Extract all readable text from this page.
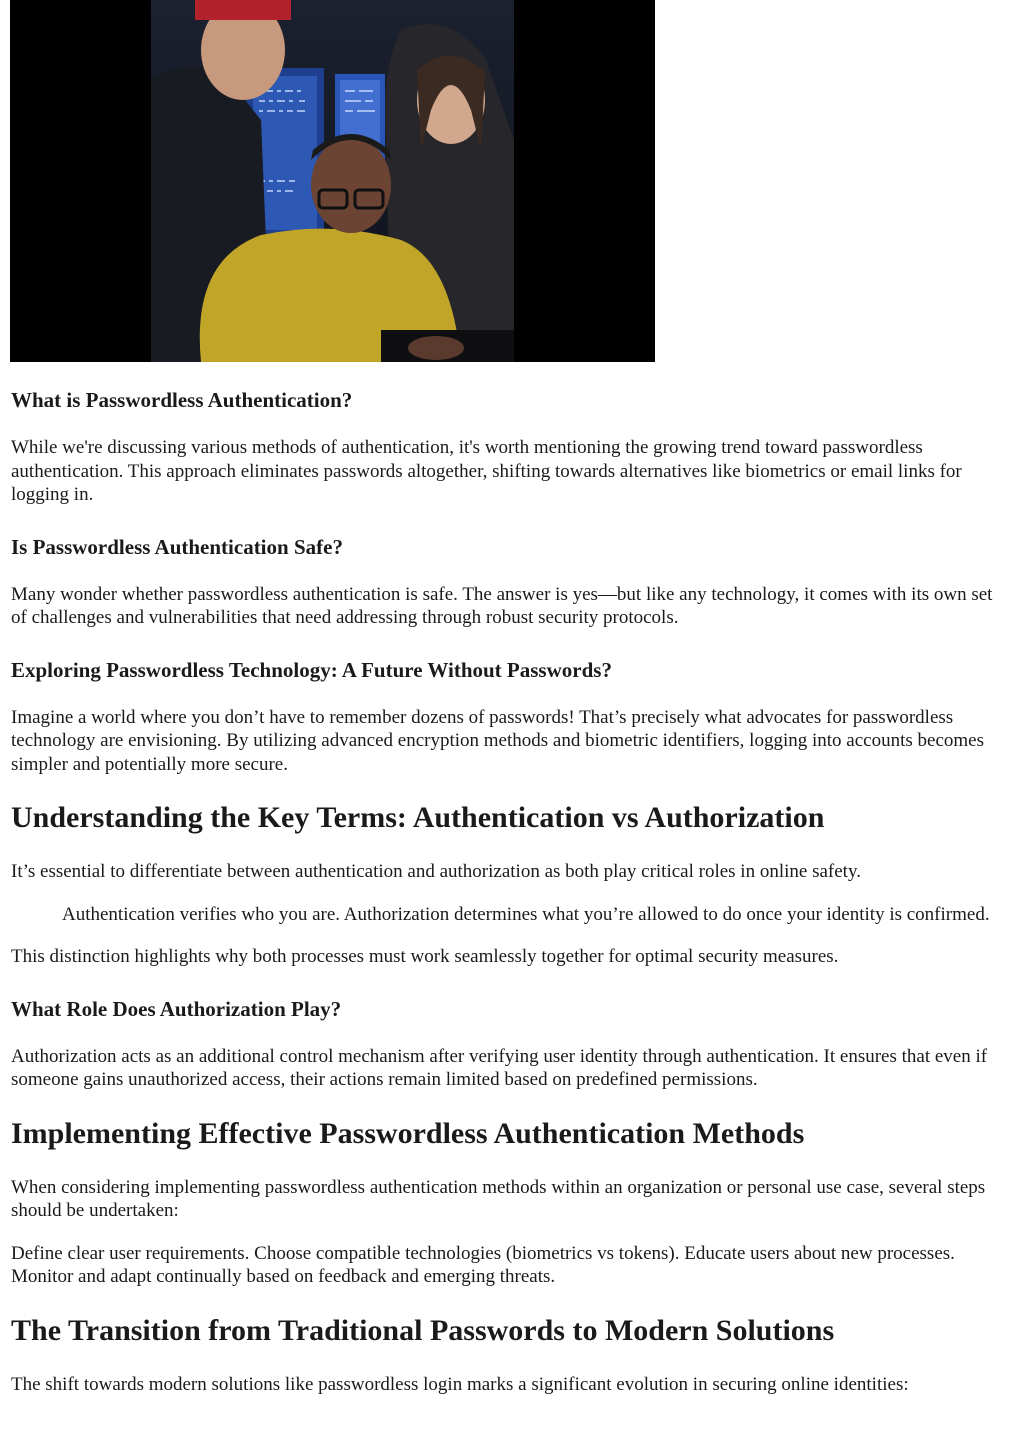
What is Passwordless Authentication?

While we're discussing various methods of authentication, it's worth mentioning the growing trend toward passwordless authentication. This approach eliminates passwords altogether, shifting towards alternatives like biometrics or email links for logging in.

Is Passwordless Authentication Safe?

Many wonder whether passwordless authentication is safe. The answer is yes—but like any technology, it comes with its own set of challenges and vulnerabilities that need addressing through robust security protocols.

Exploring Passwordless Technology: A Future Without Passwords?

Imagine a world where you don’t have to remember dozens of passwords! That’s precisely what advocates for passwordless technology are envisioning. By utilizing advanced encryption methods and biometric identifiers, logging into accounts becomes simpler and potentially more secure.

Understanding the Key Terms: Authentication vs Authorization

It’s essential to differentiate between authentication and authorization as both play critical roles in online safety.

Authentication verifies who you are. Authorization determines what you’re allowed to do once your identity is confirmed.

This distinction highlights why both processes must work seamlessly together for optimal security measures.

What Role Does Authorization Play?

Authorization acts as an additional control mechanism after verifying user identity through authentication. It ensures that even if someone gains unauthorized access, their actions remain limited based on predefined permissions.

Implementing Effective Passwordless Authentication Methods

When considering implementing passwordless authentication methods within an organization or personal use case, several steps should be undertaken:

Define clear user requirements. Choose compatible technologies (biometrics vs tokens). Educate users about new processes. Monitor and adapt continually based on feedback and emerging threats.

The Transition from Traditional Passwords to Modern Solutions

The shift towards modern solutions like passwordless login marks a significant evolution in securing online identities:
